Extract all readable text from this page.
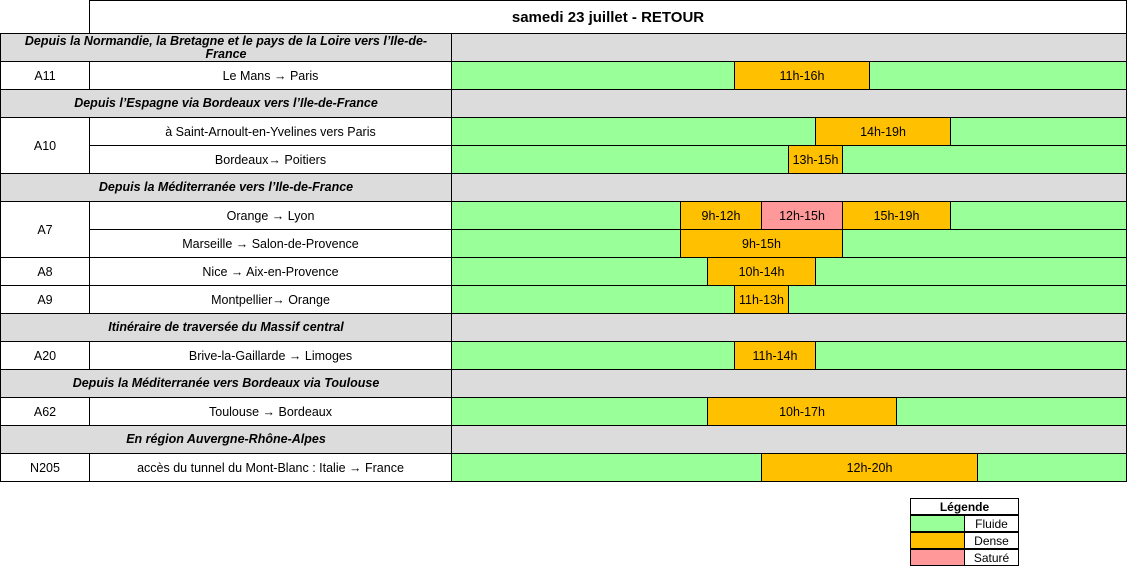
samedi 23 juillet - RETOUR
Depuis la Normandie, la Bretagne et le pays de la Loire vers l’Ile-de-France
A11	Le Mans → Paris	11h-16h
Depuis l’Espagne via Bordeaux vers l’Ile-de-France
A10
à Saint-Arnoult-en-Yvelines vers Paris	14h-19h
Bordeaux→ Poitiers	13h-15h
Depuis la Méditerranée vers l’Ile-de-France
A7
Orange → Lyon	9h-12h	12h-15h	15h-19h
Marseille → Salon-de-Provence	9h-15h
A8	Nice → Aix-en-Provence	10h-14h
A9	Montpellier→ Orange	11h-13h
Itinéraire de traversée du Massif central
A20	Brive-la-Gaillarde → Limoges	11h-14h
Depuis la Méditerranée vers Bordeaux via Toulouse
A62	Toulouse → Bordeaux	10h-17h
En région Auvergne-Rhône-Alpes
N205	accès du tunnel du Mont-Blanc : Italie → France	12h-20h
Légende
Fluide
Dense
Saturé
